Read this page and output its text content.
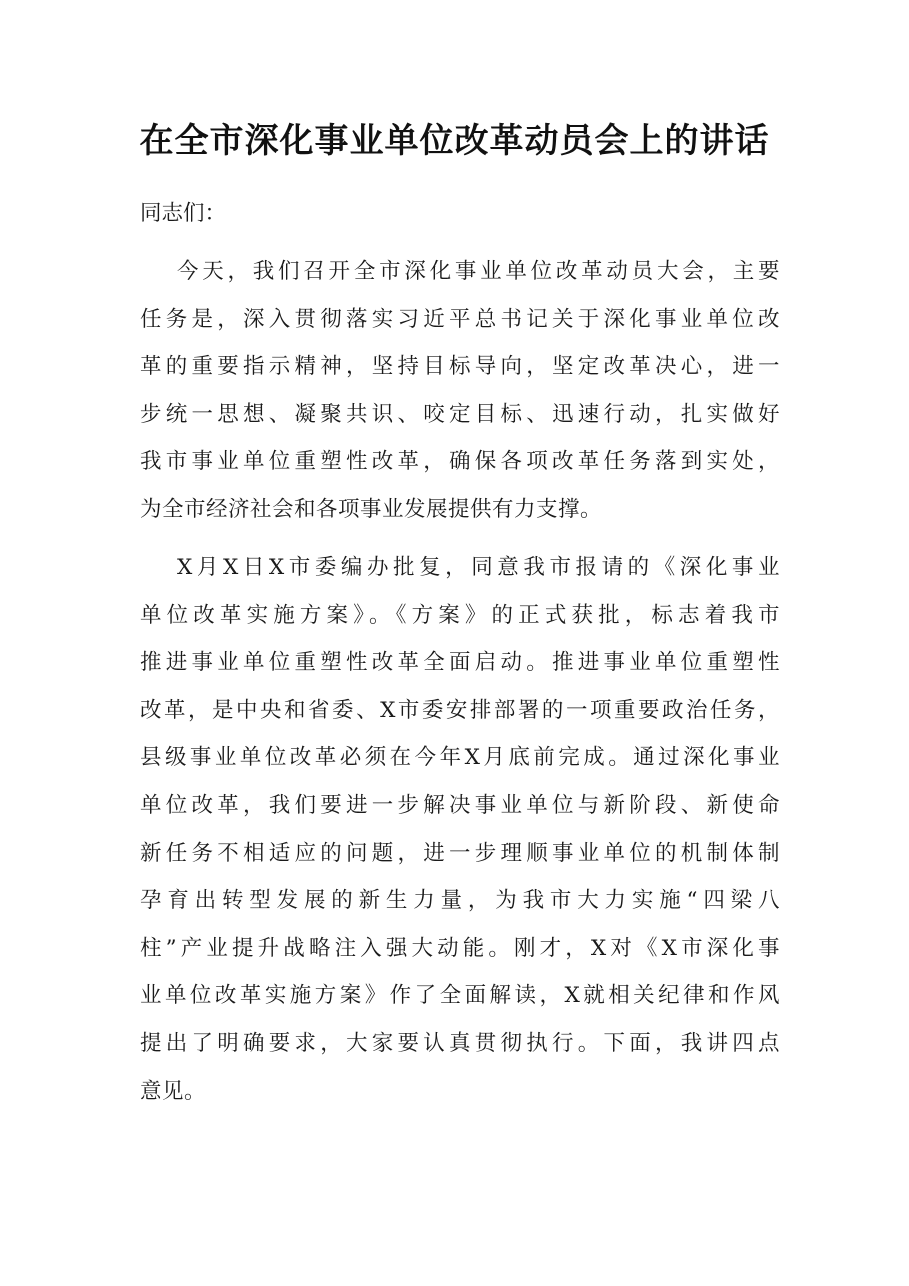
在全市深化事业单位改革动员会上的讲话
同志们：
今天，我们召开全市深化事业单位改革动员大会，主要
任务是，深入贯彻落实习近平总书记关于深化事业单位改
革的重要指示精神，坚持目标导向，坚定改革决心，进一
步统一思想、凝聚共识、咬定目标、迅速行动，扎实做好
我市事业单位重塑性改革，确保各项改革任务落到实处，
为全市经济社会和各项事业发展提供有力支撑。
X月X日X市委编办批复，同意我市报请的《深化事业
单位改革实施方案》。《方案》的正式获批，标志着我市
推进事业单位重塑性改革全面启动。推进事业单位重塑性
改革，是中央和省委、X市委安排部署的一项重要政治任务，
县级事业单位改革必须在今年X月底前完成。通过深化事业
单位改革，我们要进一步解决事业单位与新阶段、新使命
新任务不相适应的问题，进一步理顺事业单位的机制体制
孕育出转型发展的新生力量，为我市大力实施“四梁八
柱”产业提升战略注入强大动能。刚才，X对《X市深化事
业单位改革实施方案》作了全面解读，X就相关纪律和作风
提出了明确要求，大家要认真贯彻执行。下面，我讲四点
意见。
